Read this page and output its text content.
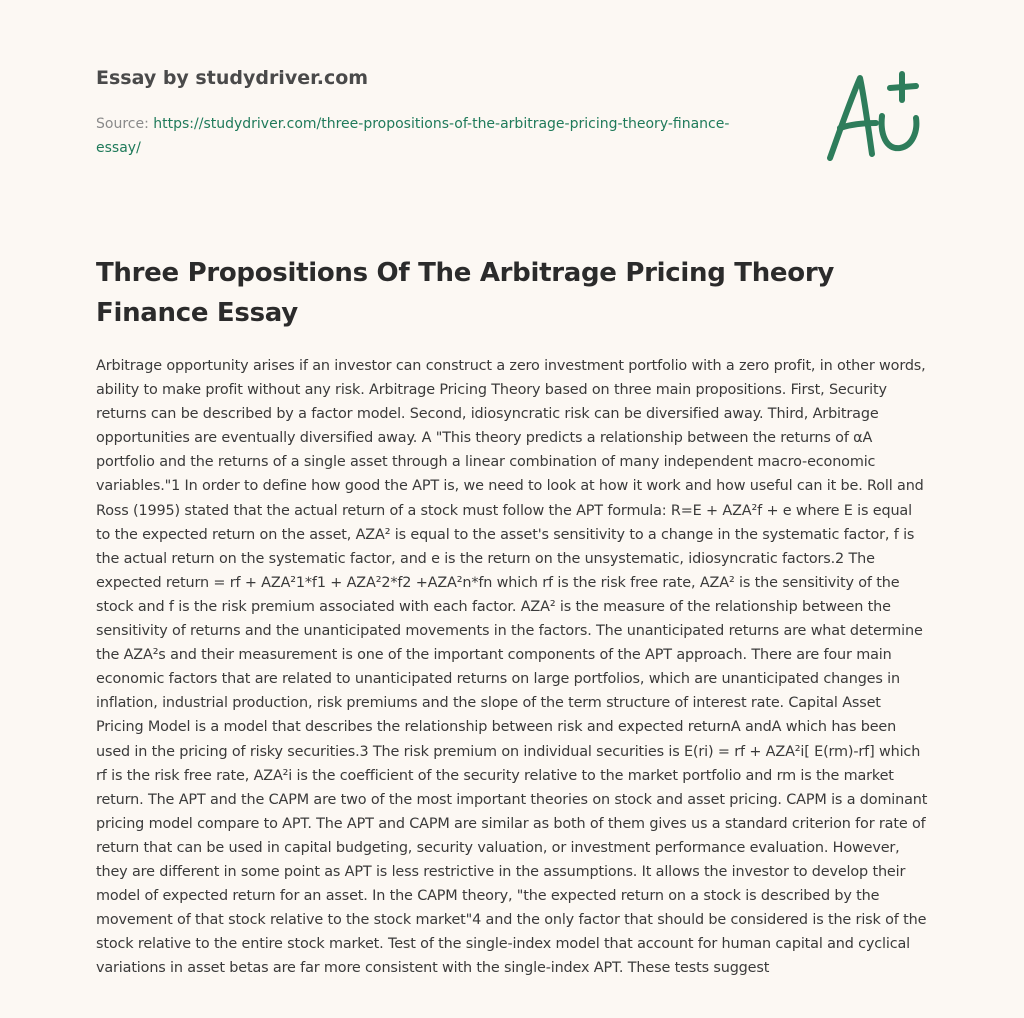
Essay by studydriver.com
Source: https://studydriver.com/three-propositions-of-the-arbitrage-pricing-theory-finance-essay/
Three Propositions Of The Arbitrage Pricing Theory Finance Essay

Arbitrage opportunity arises if an investor can construct a zero investment portfolio with a zero profit, in other words, ability to make profit without any risk. Arbitrage Pricing Theory based on three main propositions. First, Security returns can be described by a factor model. Second, idiosyncratic risk can be diversified away. Third, Arbitrage opportunities are eventually diversified away. A "This theory predicts a relationship between the returns of αA portfolio and the returns of a single asset through a linear combination of many independent macro-economic variables."1 In order to define how good the APT is, we need to look at how it work and how useful can it be. Roll and Ross (1995) stated that the actual return of a stock must follow the APT formula: R=E + AZA²f + e where E is equal to the expected return on the asset, AZA² is equal to the asset's sensitivity to a change in the systematic factor, f is the actual return on the systematic factor, and e is the return on the unsystematic, idiosyncratic factors.2 The expected return = rf + AZA²1*f1 + AZA²2*f2 +AZA²n*fn which rf is the risk free rate, AZA² is the sensitivity of the stock and f is the risk premium associated with each factor. AZA² is the measure of the relationship between the sensitivity of returns and the unanticipated movements in the factors. The unanticipated returns are what determine the AZA²s and their measurement is one of the important components of the APT approach. There are four main economic factors that are related to unanticipated returns on large portfolios, which are unanticipated changes in inflation, industrial production, risk premiums and the slope of the term structure of interest rate. Capital Asset Pricing Model is a model that describes the relationship between risk and expected returnA andA which has been used in the pricing of risky securities.3 The risk premium on individual securities is E(ri) = rf + AZA²i[ E(rm)-rf] which rf is the risk free rate, AZA²i is the coefficient of the security relative to the market portfolio and rm is the market return. The APT and the CAPM are two of the most important theories on stock and asset pricing. CAPM is a dominant pricing model compare to APT. The APT and CAPM are similar as both of them gives us a standard criterion for rate of return that can be used in capital budgeting, security valuation, or investment performance evaluation. However, they are different in some point as APT is less restrictive in the assumptions. It allows the investor to develop their model of expected return for an asset. In the CAPM theory, "the expected return on a stock is described by the movement of that stock relative to the stock market"4 and the only factor that should be considered is the risk of the stock relative to the entire stock market. Test of the single-index model that account for human capital and cyclical variations in asset betas are far more consistent with the single-index APT. These tests suggest
